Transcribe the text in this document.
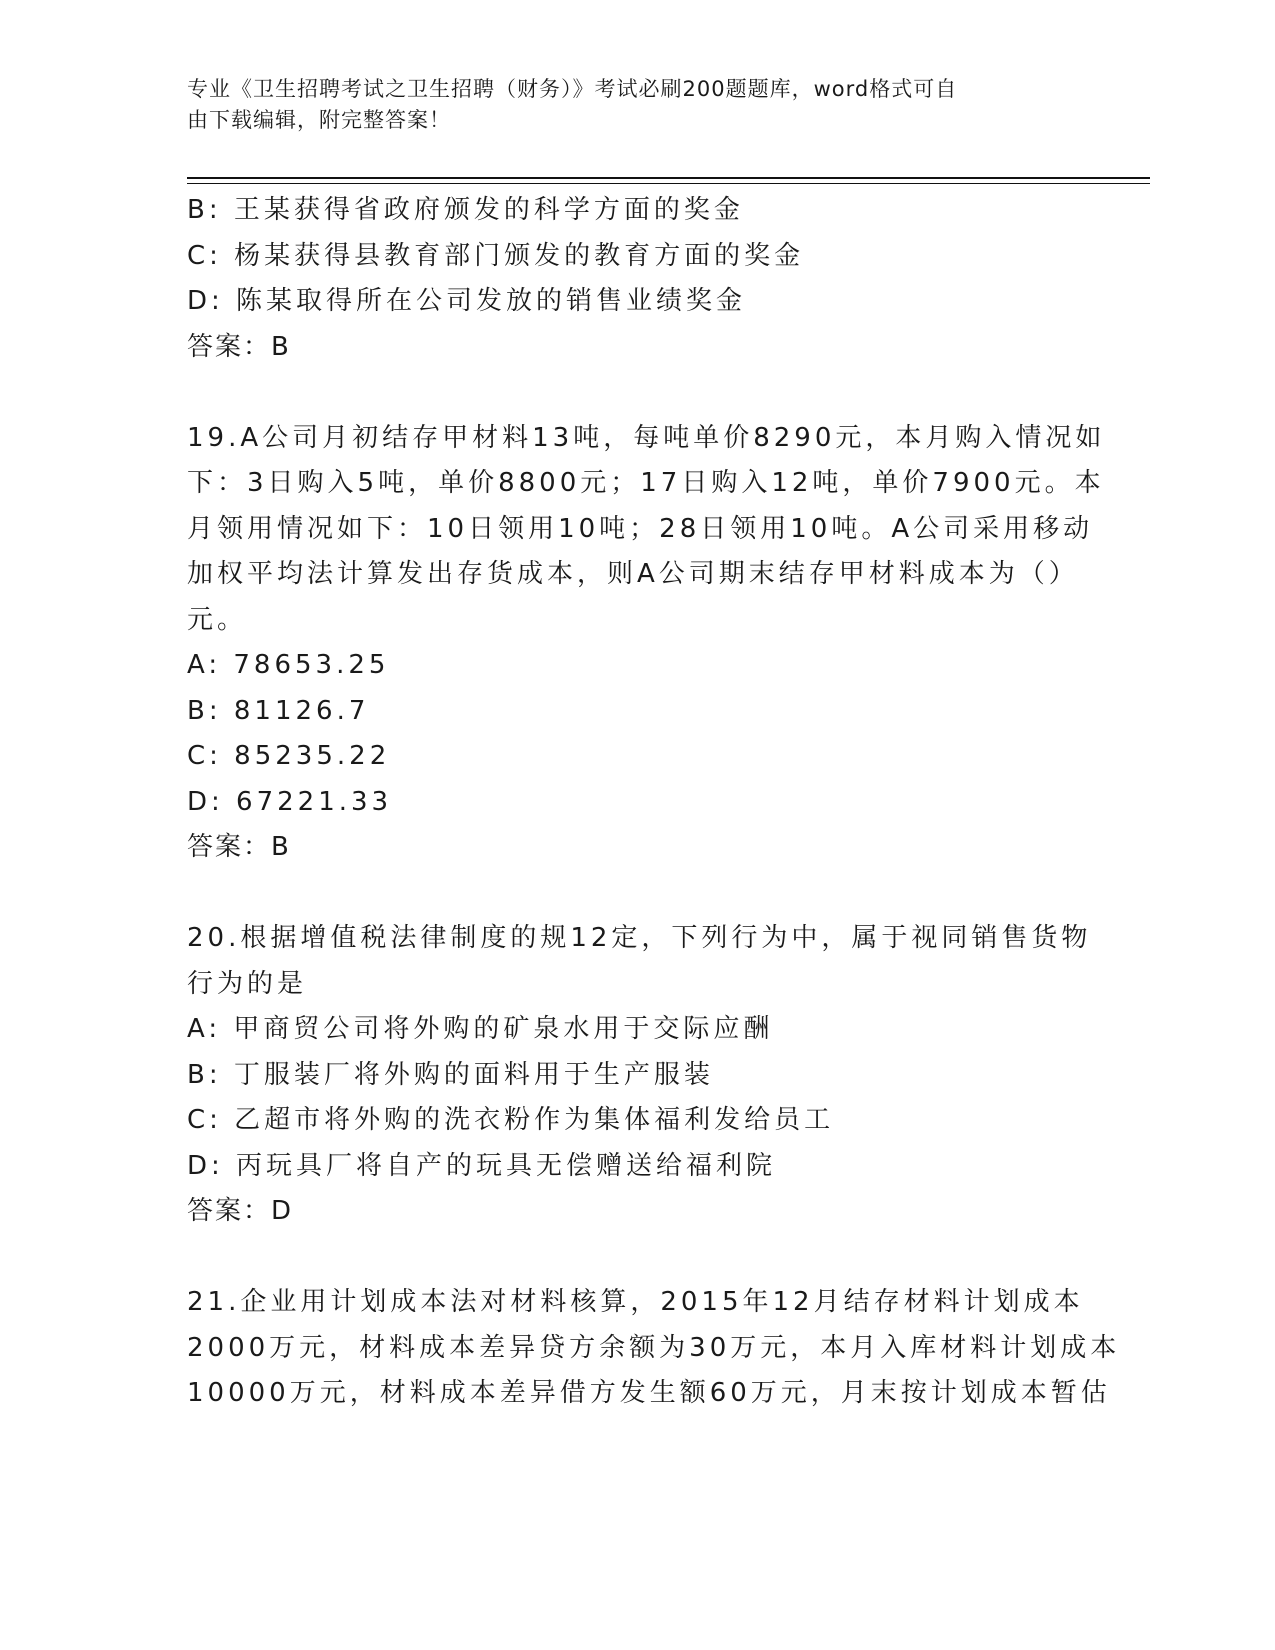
专业《卫生招聘考试之卫生招聘（财务）》考试必刷200题题库，word格式可自
由下载编辑，附完整答案！
B: 王某获得省政府颁发的科学方面的奖金
C: 杨某获得县教育部门颁发的教育方面的奖金
D: 陈某取得所在公司发放的销售业绩奖金
答案：B
19.A公司月初结存甲材料13吨，每吨单价8290元，本月购入情况如
下：3日购入5吨，单价8800元；17日购入12吨，单价7900元。本
月领用情况如下：10日领用10吨；28日领用10吨。A公司采用移动
加权平均法计算发出存货成本，则A公司期末结存甲材料成本为（）
元。
A: 78653.25
B: 81126.7
C: 85235.22
D: 67221.33
答案：B
20.根据增值税法律制度的规12定，下列行为中，属于视同销售货物
行为的是
A: 甲商贸公司将外购的矿泉水用于交际应酬
B: 丁服装厂将外购的面料用于生产服装
C: 乙超市将外购的洗衣粉作为集体福利发给员工
D: 丙玩具厂将自产的玩具无偿赠送给福利院
答案：D
21.企业用计划成本法对材料核算，2015年12月结存材料计划成本
2000万元，材料成本差异贷方余额为30万元，本月入库材料计划成本
10000万元，材料成本差异借方发生额60万元，月末按计划成本暂估
